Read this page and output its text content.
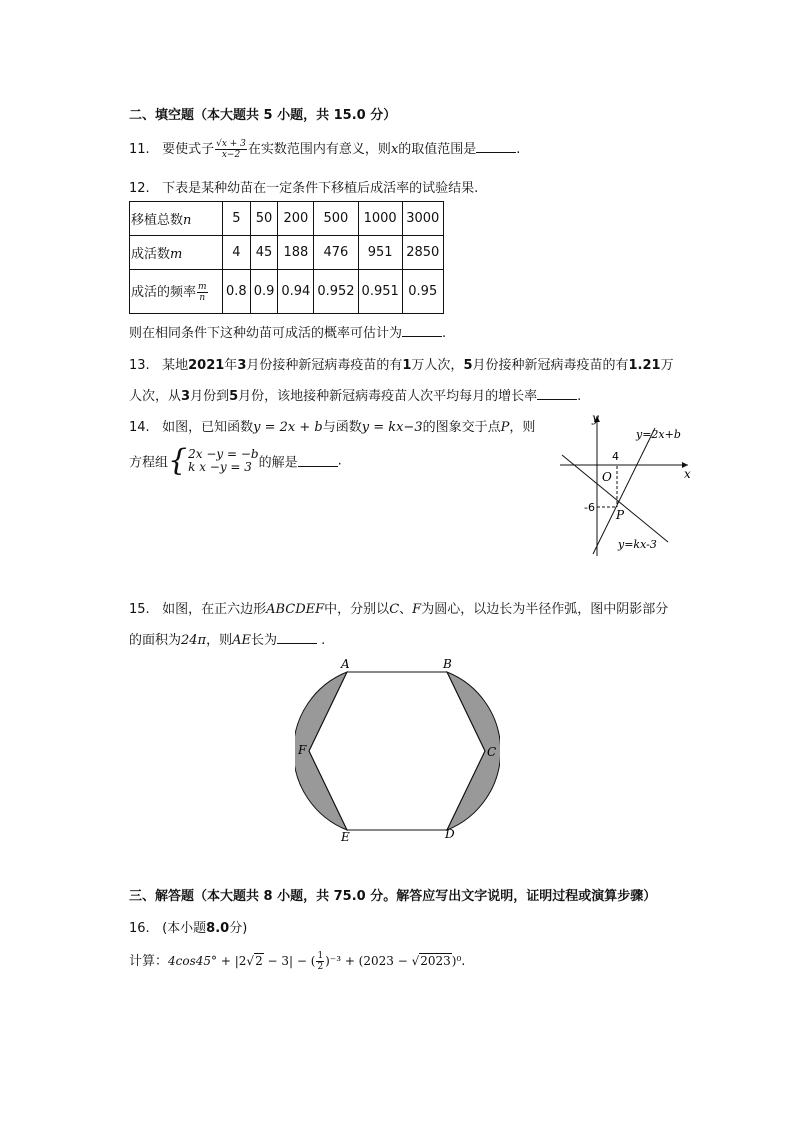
二、填空题（本大题共 5 小题，共 15.0 分）
11. 要使式子 $\frac{√x + 3}{x-2}$ 在实数范围内有意义，则x的取值范围是	.
12. 下表是某种幼苗在一定条件下移植后成活率的试验结果.
移植总数n	5	50	200	500	1000	3000
成活数m	4	45	188	476	951	2850
成活的频率 $\frac{m}{n}$	0.8	0.9	0.94	0.952	0.951	0.95
则在相同条件下这种幼苗可成活的概率可估计为	.
13. 某地2021年3月份接种新冠病毒疫苗的有1万人次，5月份接种新冠病毒疫苗的有1.21万
人次，从3月份到5月份，该地接种新冠病毒疫苗人次平均每月的增长率	.
14. 如图，已知函数y = 2x + b与函数y = kx−3的图象交于点P，则
方程组 { 2x −y = −b
k x −y = 3 的解是	.
y
x
O
4
-6
P
y=2x+b
y=kx-3
15. 如图，在正六边形ABCDEF中，分别以C、F为圆心，以边长为半径作弧，图中阴影部分
的面积为24π，则AE长为	.
A	B
C
D
E
F
三、解答题（本大题共 8 小题，共 75.0 分。解答应写出文字说明，证明过程或演算步骤）
16. (本小题8.0分)
计算：4cos45° + |2√2 − 3| − ( $\frac{1}{2} )^{-3} + (2023 - √2023)^0$.
